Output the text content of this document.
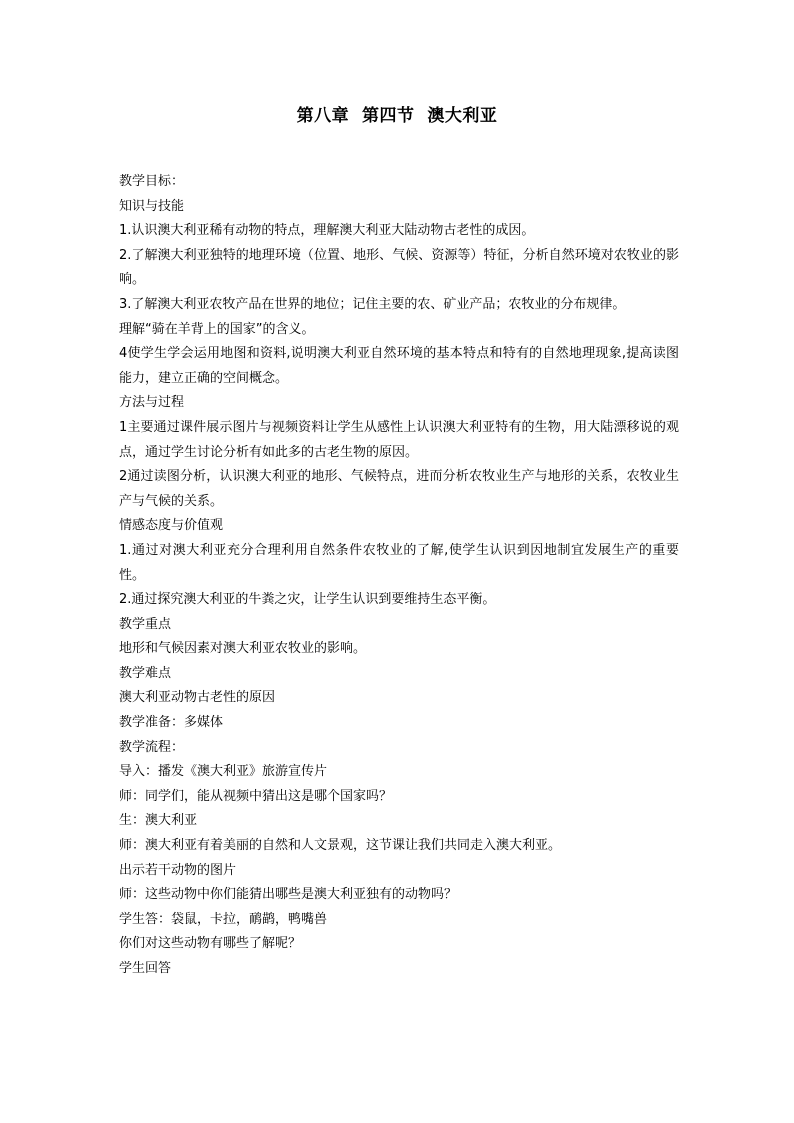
第八章  第四节  澳大利亚
教学目标：
知识与技能
1.认识澳大利亚稀有动物的特点，理解澳大利亚大陆动物古老性的成因。

2.了解澳大利亚独特的地理环境（位置、地形、气候、资源等）特征，分析自然环境对农牧业的影响。

3.了解澳大利亚农牧产品在世界的地位；记住主要的农、矿业产品；农牧业的分布规律。
理解“骑在羊背上的国家”的含义。

4使学生学会运用地图和资料,说明澳大利亚自然环境的基本特点和特有的自然地理现象,提高读图能力，建立正确的空间概念。

方法与过程

1主要通过课件展示图片与视频资料让学生从感性上认识澳大利亚特有的生物，用大陆漂移说的观点，通过学生讨论分析有如此多的古老生物的原因。

2通过读图分析，认识澳大利亚的地形、气候特点，进而分析农牧业生产与地形的关系，农牧业生产与气候的关系。

情感态度与价值观

1.通过对澳大利亚充分合理利用自然条件农牧业的了解,使学生认识到因地制宜发展生产的重要性。

2.通过探究澳大利亚的牛粪之灾，让学生认识到要维持生态平衡。
教学重点
地形和气候因素对澳大利亚农牧业的影响。
教学难点
澳大利亚动物古老性的原因
教学准备：多媒体
教学流程：
导入：播发《澳大利亚》旅游宣传片
师：同学们，能从视频中猜出这是哪个国家吗？
生：澳大利亚
师：澳大利亚有着美丽的自然和人文景观，这节课让我们共同走入澳大利亚。
出示若干动物的图片
师：这些动物中你们能猜出哪些是澳大利亚独有的动物吗？
学生答：袋鼠，卡拉，鸸鹋，鸭嘴兽
你们对这些动物有哪些了解呢？
学生回答
